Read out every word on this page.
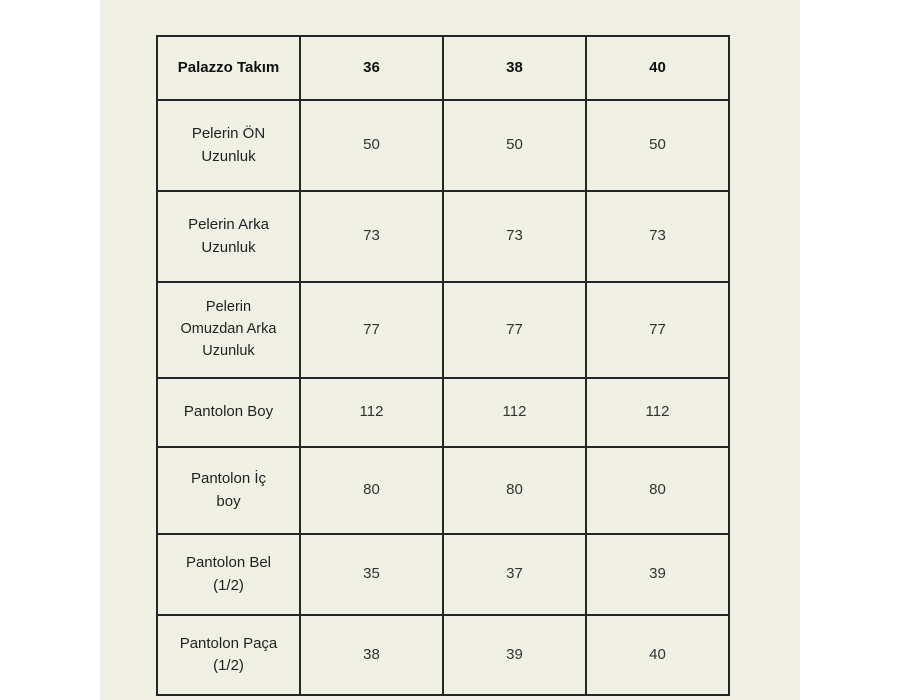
Palazzo Takım	36	38	40
Pelerin ÖN
Uzunluk	50	50	50
Pelerin Arka
Uzunluk	73	73	73
Pelerin
Omuzdan Arka
Uzunluk	77	77	77
Pantolon Boy	112	112	112
Pantolon İç
boy	80	80	80
Pantolon Bel
(1/2)	35	37	39
Pantolon Paça
(1/2)	38	39	40
